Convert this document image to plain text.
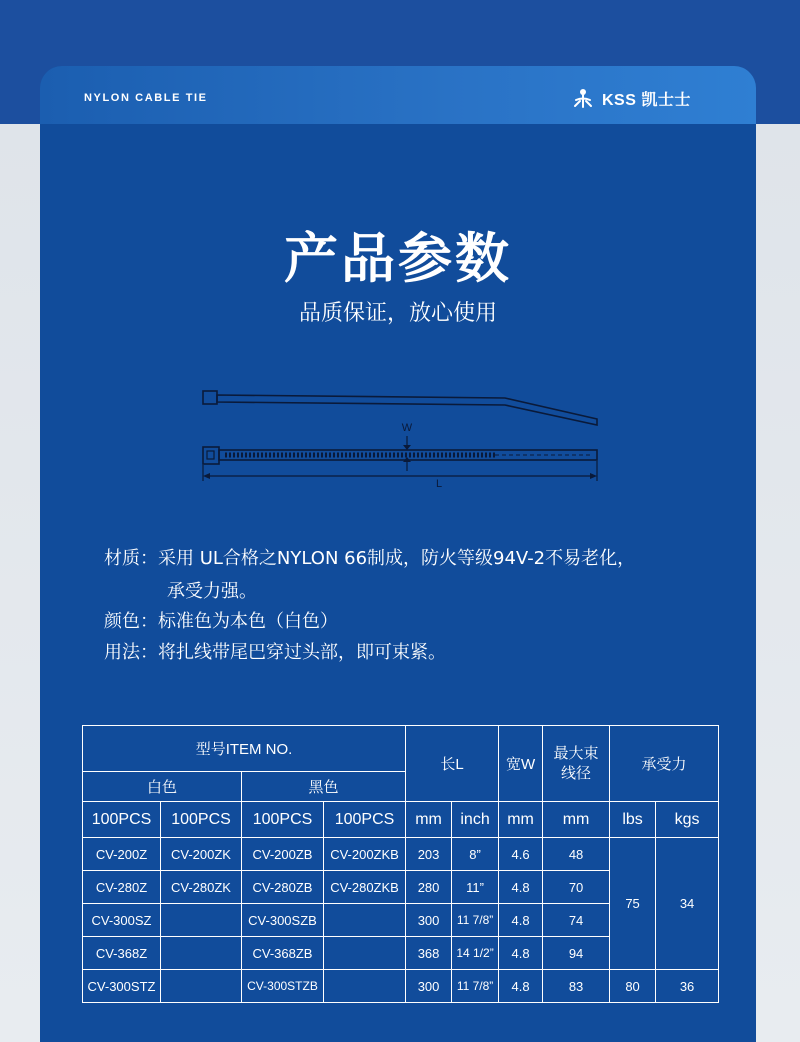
NYLON CABLE TIE	KSS 凯士士
产品参数
品质保证，放心使用
W
L
材质：采用 UL合格之NYLON 66制成，防火等级94V-2不易老化，
承受力强。
颜色：标准色为本色（白色）
用法：将扎线带尾巴穿过头部，即可束紧。
型号ITEM NO.				长L		宽W	最大束线径	承受力	
白色		黑色							
100PCS	100PCS	100PCS	100PCS	mm	inch	mm	mm	lbs	kgs
CV-200Z	CV-200ZK	CV-200ZB	CV-200ZKB	203	8”	4.6	48	75	34
CV-280Z	CV-280ZK	CV-280ZB	CV-280ZKB	280	11”	4.8	70		
CV-300SZ		CV-300SZB		300	11 7/8”	4.8	74		
CV-368Z		CV-368ZB		368	14 1/2”	4.8	94		
CV-300STZ		CV-300STZB		300	11 7/8”	4.8	83	80	36
